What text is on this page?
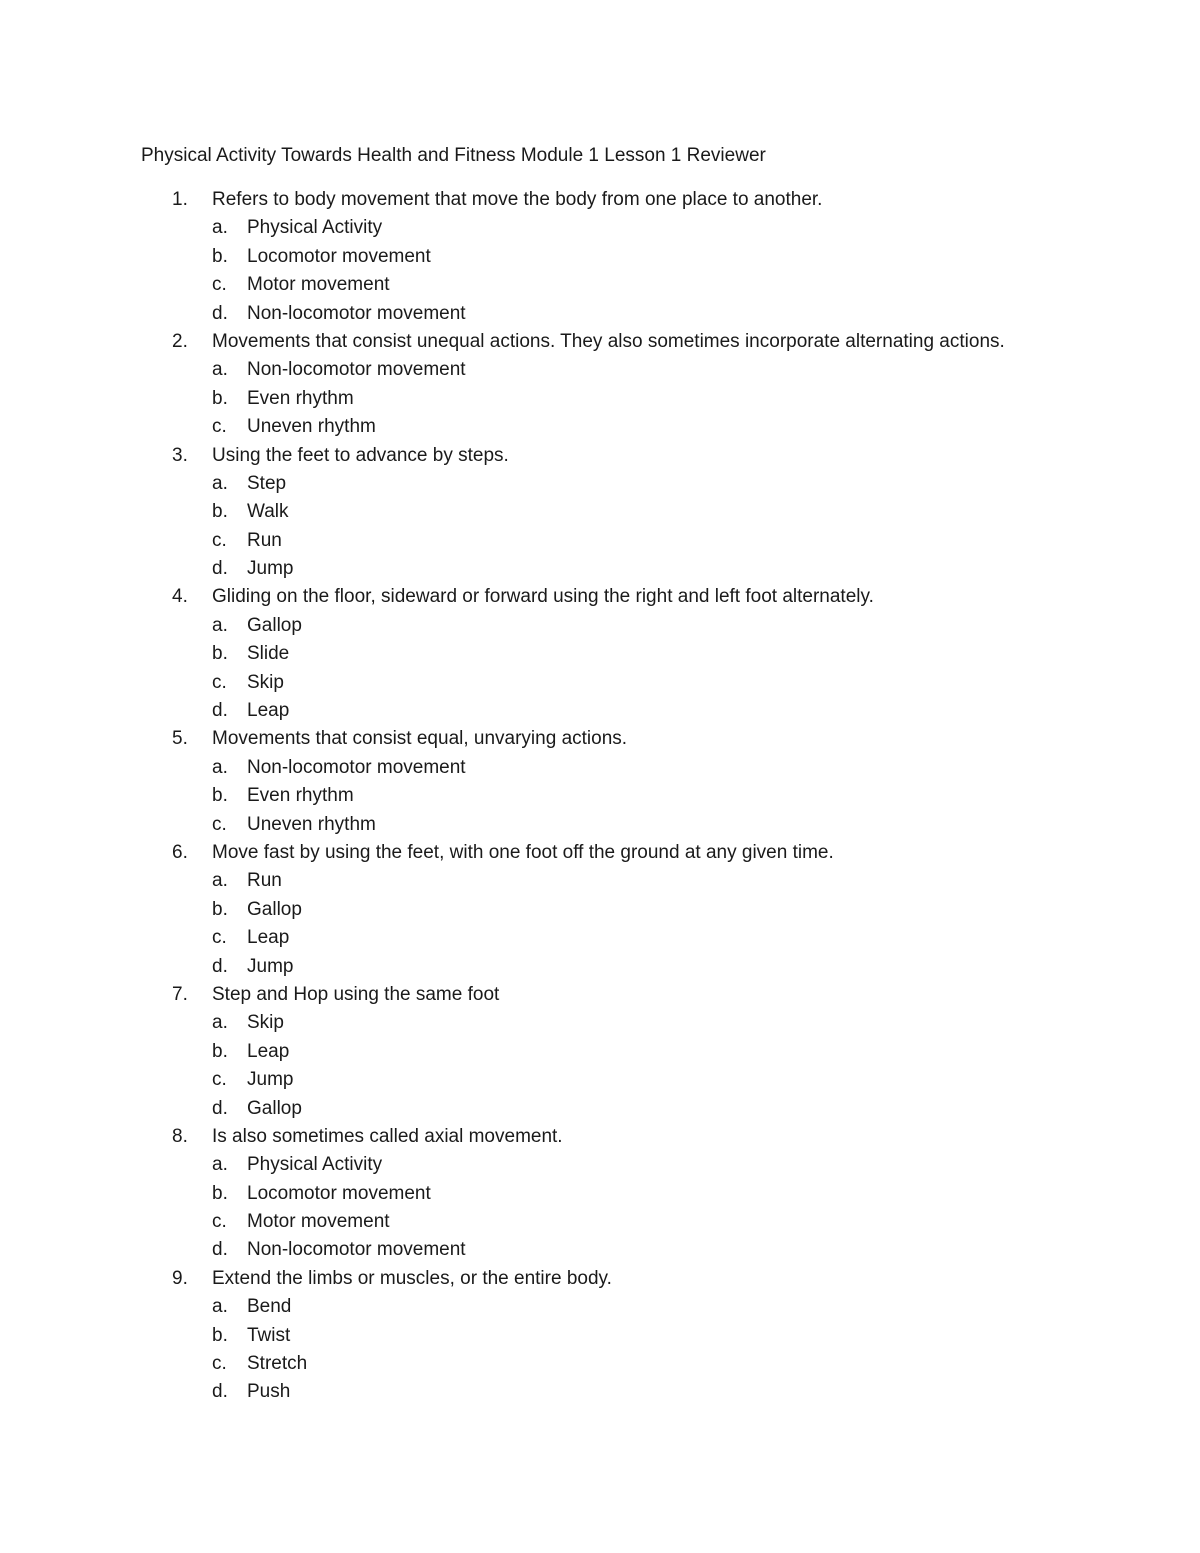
Physical Activity Towards Health and Fitness Module 1 Lesson 1 Reviewer
1. Refers to body movement that move the body from one place to another.
a. Physical Activity
b. Locomotor movement
c. Motor movement
d. Non-locomotor movement
2. Movements that consist unequal actions. They also sometimes incorporate alternating actions.
a. Non-locomotor movement
b. Even rhythm
c. Uneven rhythm
3. Using the feet to advance by steps.
a. Step
b. Walk
c. Run
d. Jump
4. Gliding on the floor, sideward or forward using the right and left foot alternately.
a. Gallop
b. Slide
c. Skip
d. Leap
5. Movements that consist equal, unvarying actions.
a. Non-locomotor movement
b. Even rhythm
c. Uneven rhythm
6. Move fast by using the feet, with one foot off the ground at any given time.
a. Run
b. Gallop
c. Leap
d. Jump
7. Step and Hop using the same foot
a. Skip
b. Leap
c. Jump
d. Gallop
8. Is also sometimes called axial movement.
a. Physical Activity
b. Locomotor movement
c. Motor movement
d. Non-locomotor movement
9. Extend the limbs or muscles, or the entire body.
a. Bend
b. Twist
c. Stretch
d. Push
